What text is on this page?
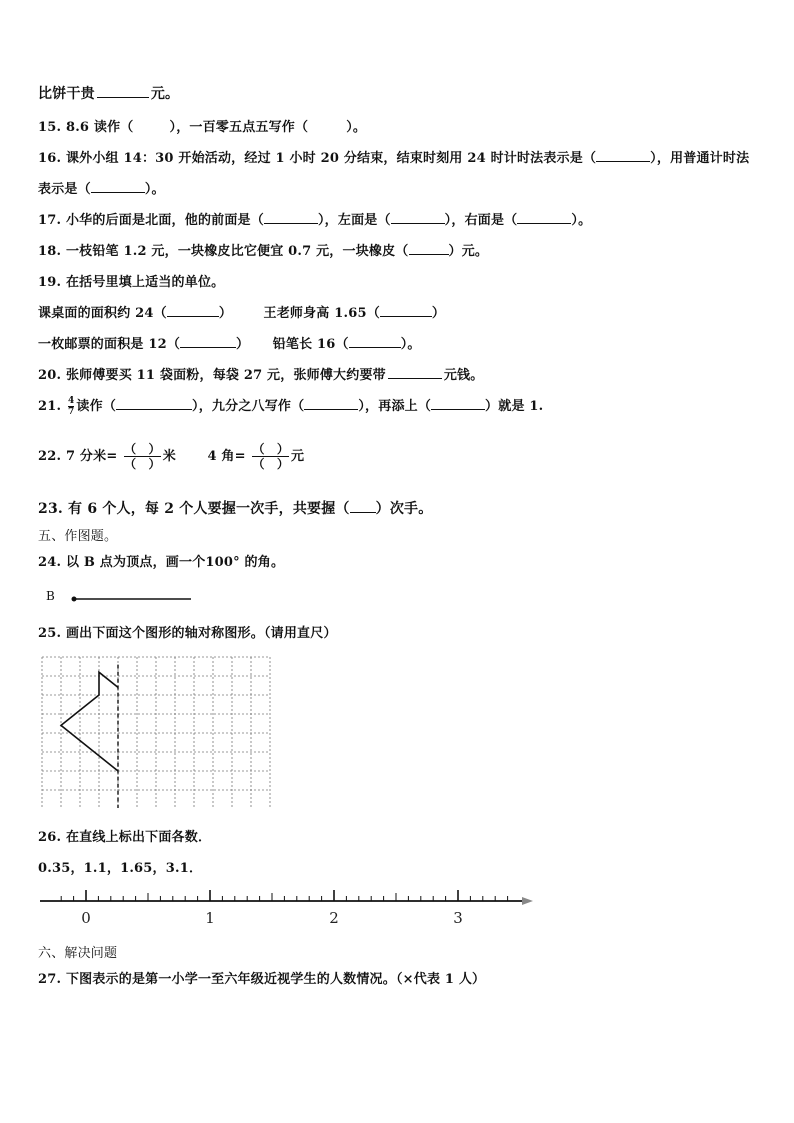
比饼干贵	元。
15. 8.6 读作（	），一百零五点五写作（	）。
16. 课外小组 14：30 开始活动，经过 1 小时 20 分结束，结束时刻用 24 时计时法表示是（	），用普通计时法
表示是（	）。
17. 小华的后面是北面，他的前面是（	），左面是（	），右面是（	）。
18. 一枝铅笔 1.2 元，一块橡皮比它便宜 0.7 元，一块橡皮（	）元。
19. 在括号里填上适当的单位。
课桌面的面积约 24（	） 王老师身高 1.65（	）
一枚邮票的面积是 12（	） 铅笔长 16（	）。
20. 张师傅要买 11 袋面粉，每袋 27 元，张师傅大约要带	元钱。
21. $\frac{4}{7}$ 读作（	），九分之八写作（	），再添上（	）就是 1.
22. 7 分米= $\frac{( )}{( )}$ 米 4 角= $\frac{( )}{( )}$ 元
23. 有 6 个人，每 2 个人要握一次手，共要握（ ）次手。
五、作图题。
24. 以 B 点为顶点，画一个100° 的角。
B
25. 画出下面这个图形的轴对称图形。（请用直尺）
26. 在直线上标出下面各数．
0.35，1.1，1.65，3.1．
0	1	2	3
六、解决问题
27. 下图表示的是第一小学一至六年级近视学生的人数情况。（×代表 1 人）
